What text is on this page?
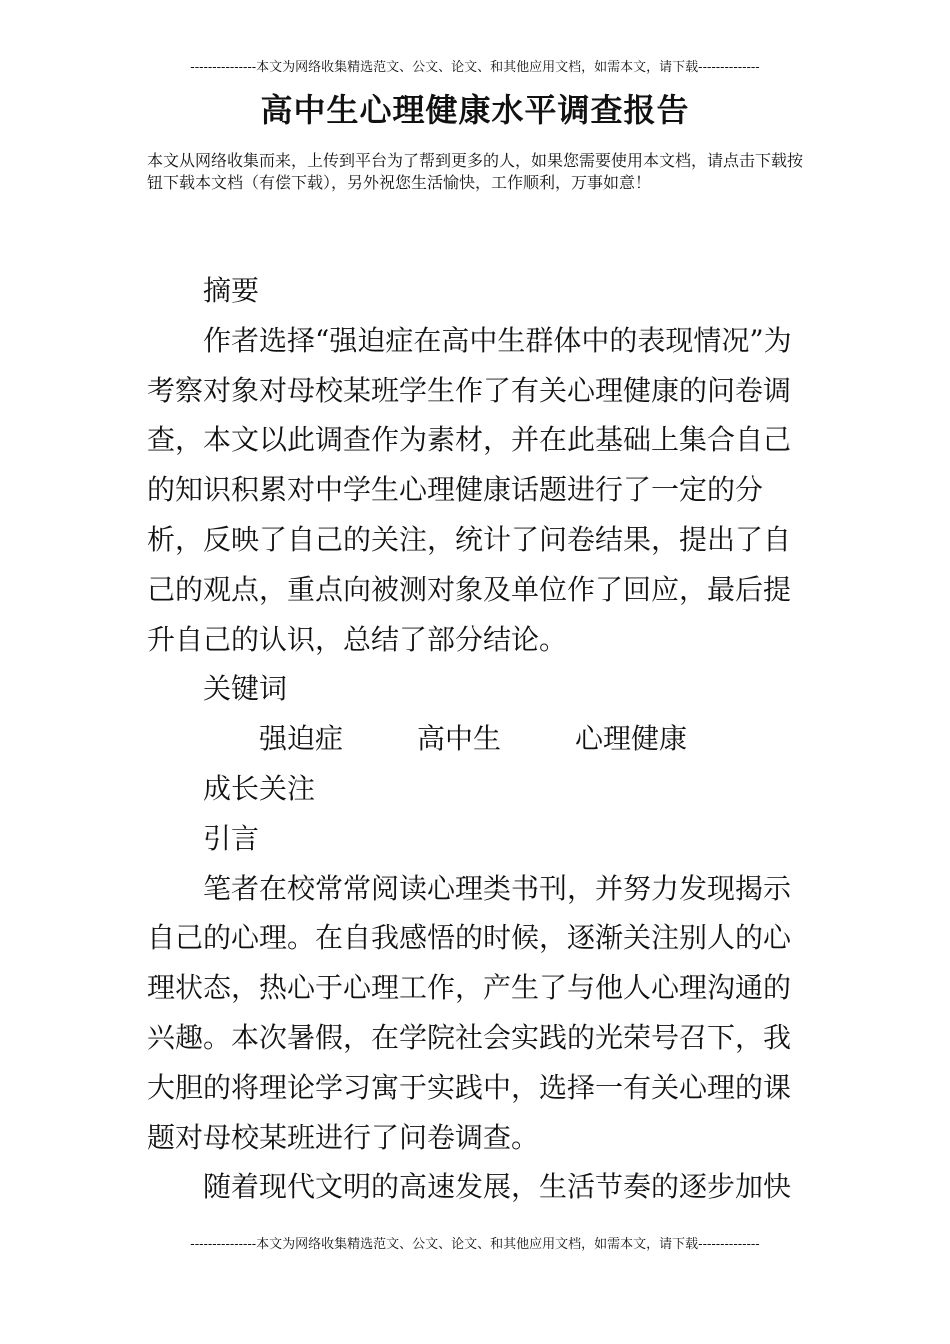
---------------本文为网络收集精选范文、公文、论文、和其他应用文档，如需本文，请下载--------------
高中生心理健康水平调查报告
本文从网络收集而来，上传到平台为了帮到更多的人，如果您需要使用本文档，请点击下载按钮下载本文档（有偿下载），另外祝您生活愉快，工作顺利，万事如意！

摘要

作者选择“强迫症在高中生群体中的表现情况”为考察对象对母校某班学生作了有关心理健康的问卷调查，本文以此调查作为素材，并在此基础上集合自己的知识积累对中学生心理健康话题进行了一定的分析，反映了自己的关注，统计了问卷结果，提出了自己的观点，重点向被测对象及单位作了回应，最后提升自己的认识，总结了部分结论。

关键词

强迫症	高中生	心理健康成长关注

引言

笔者在校常常阅读心理类书刊，并努力发现揭示自己的心理。在自我感悟的时候，逐渐关注别人的心理状态，热心于心理工作，产生了与他人心理沟通的兴趣。本次暑假，在学院社会实践的光荣号召下，我大胆的将理论学习寓于实践中，选择一有关心理的课题对母校某班进行了问卷调查。

随着现代文明的高速发展，生活节奏的逐步加快

---------------本文为网络收集精选范文、公文、论文、和其他应用文档，如需本文，请下载--------------
